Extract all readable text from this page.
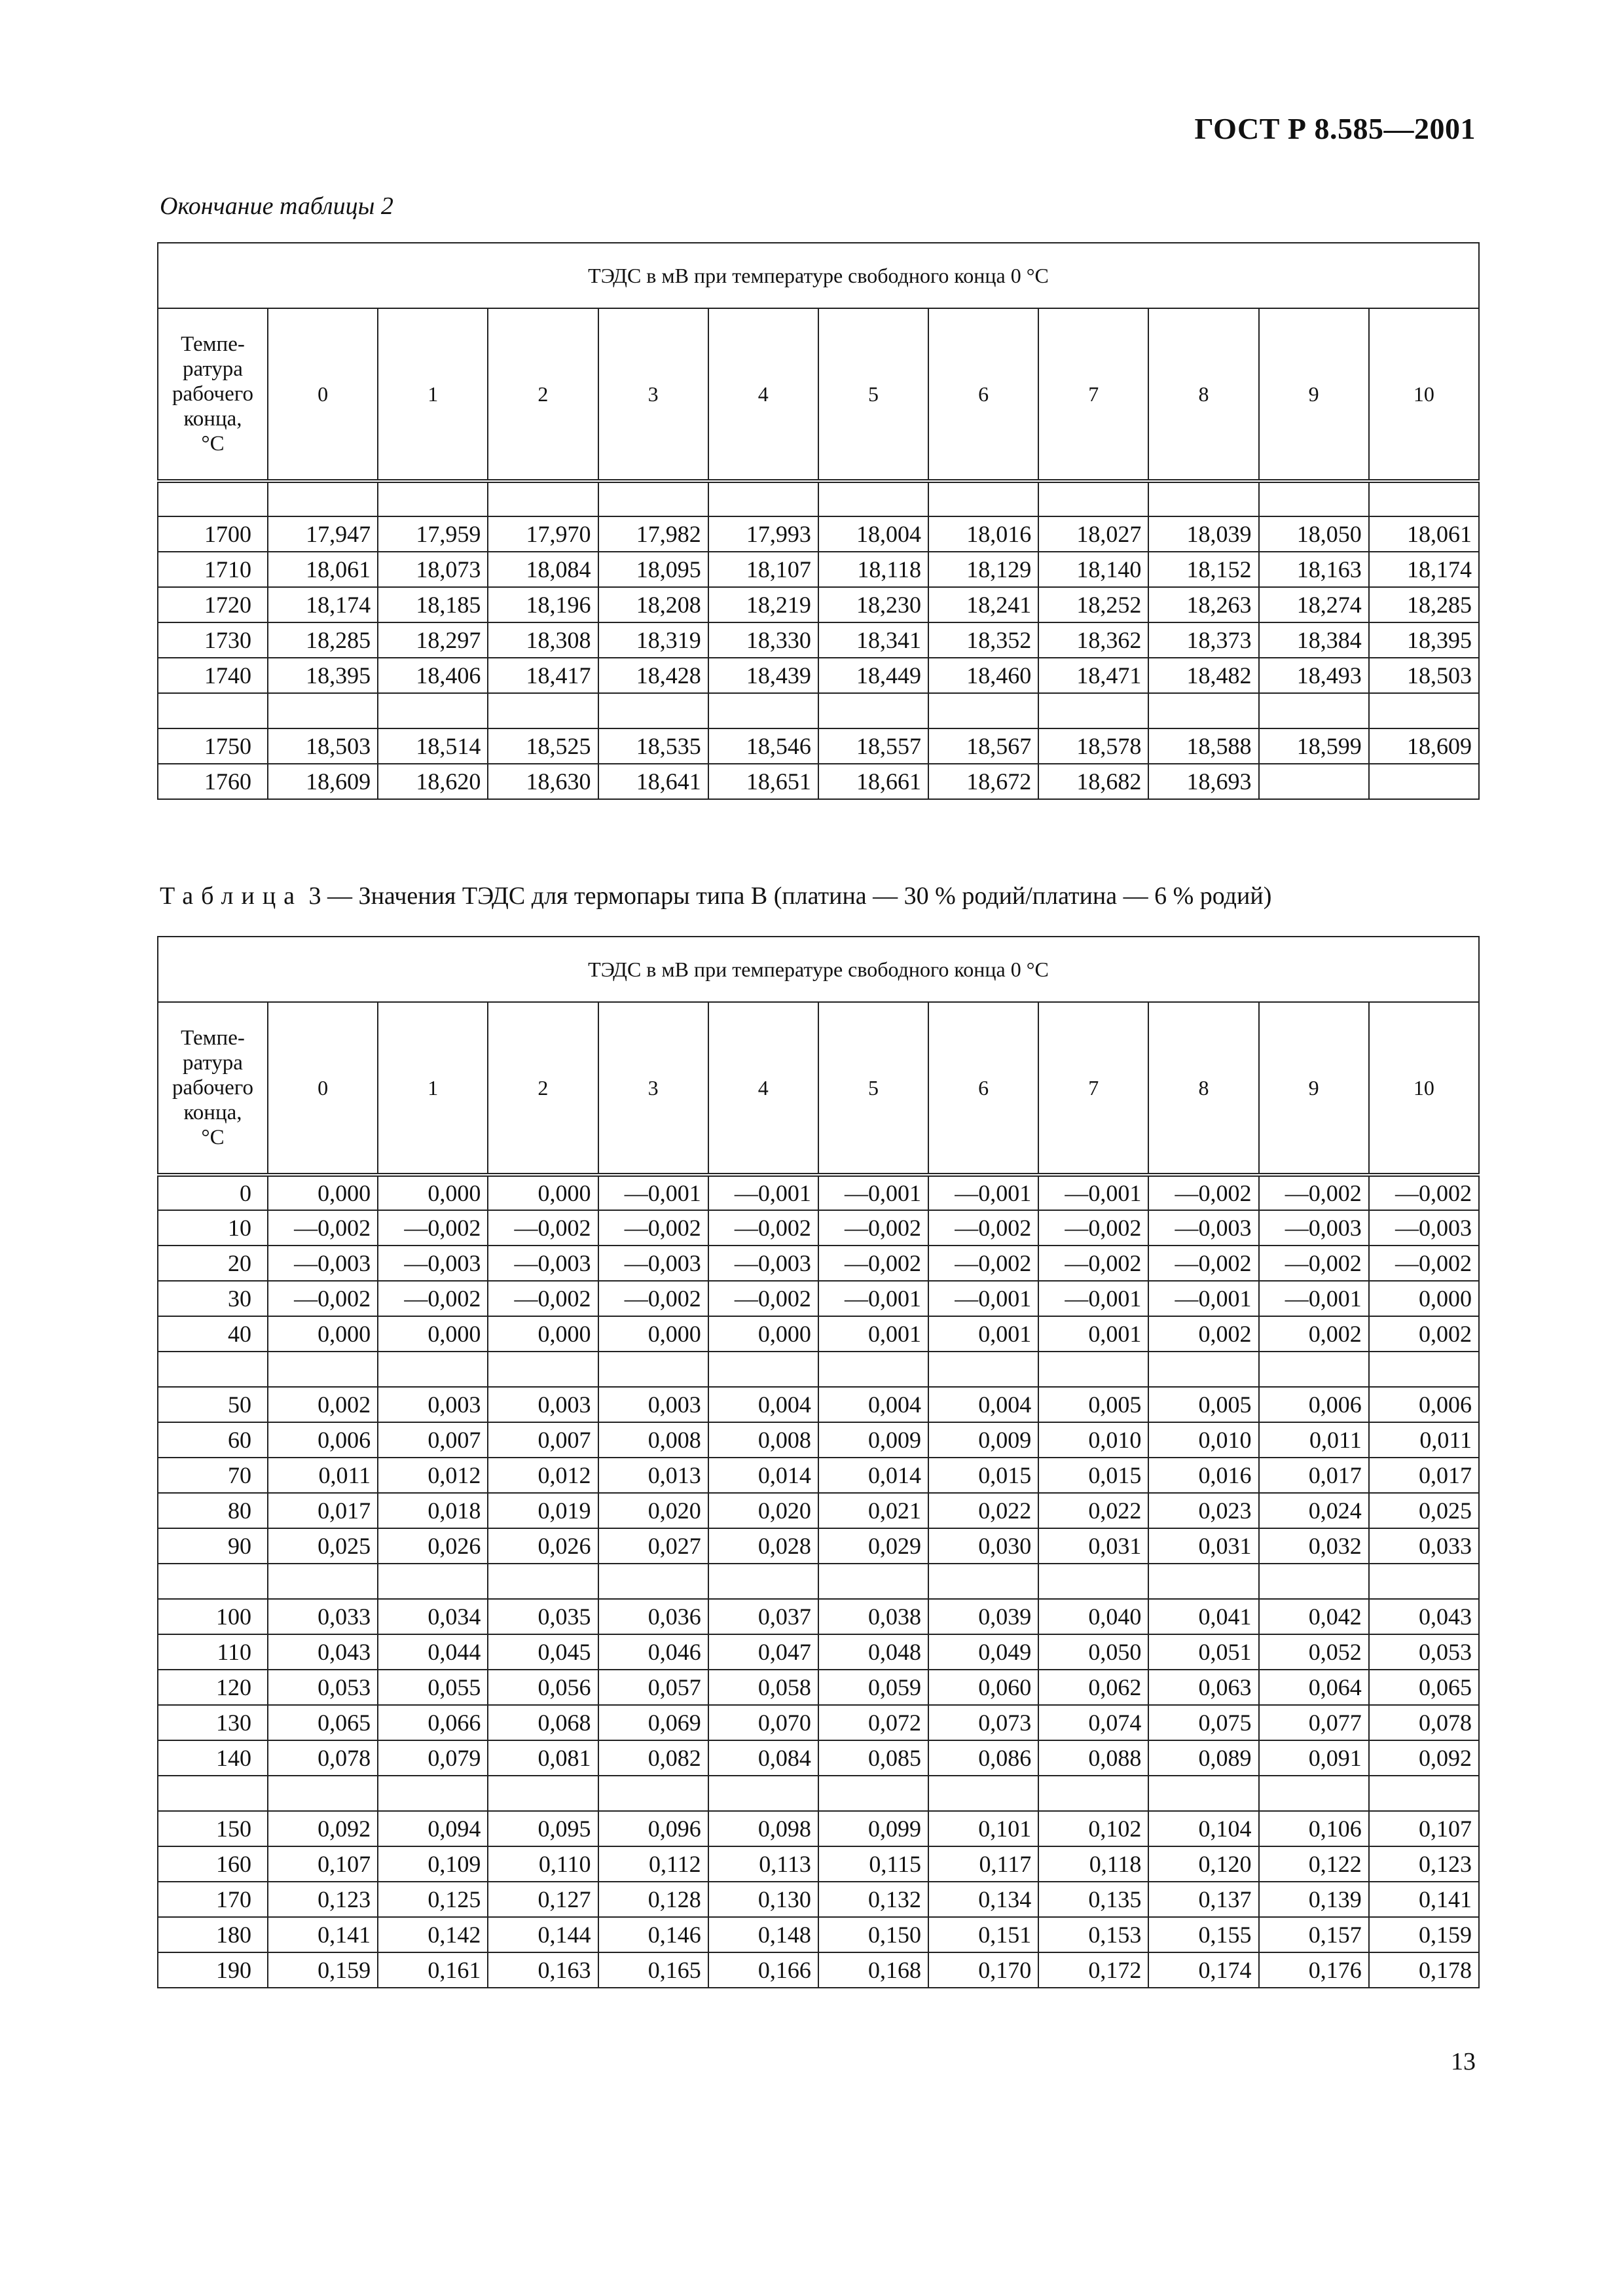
ГОСТ Р 8.585—2001
Окончание таблицы 2
ТЭДС в мВ при температуре свободного конца 0 °С											

Темпе-
ратура
рабочего
конца,
°С	0	1	2	3	4	5	6	7	8	9	10

1700	17,947	17,959	17,970	17,982	17,993	18,004	18,016	18,027	18,039	18,050	18,061
1710	18,061	18,073	18,084	18,095	18,107	18,118	18,129	18,140	18,152	18,163	18,174
1720	18,174	18,185	18,196	18,208	18,219	18,230	18,241	18,252	18,263	18,274	18,285
1730	18,285	18,297	18,308	18,319	18,330	18,341	18,352	18,362	18,373	18,384	18,395
1740	18,395	18,406	18,417	18,428	18,439	18,449	18,460	18,471	18,482	18,493	18,503

1750	18,503	18,514	18,525	18,535	18,546	18,557	18,567	18,578	18,588	18,599	18,609
1760	18,609	18,620	18,630	18,641	18,651	18,661	18,672	18,682	18,693		
Таблица 3 — Значения ТЭДС для термопары типа В (платина — 30 % родий/платина — 6 % родий)
ТЭДС в мВ при температуре свободного конца 0 °С											

Темпе-
ратура
рабочего
конца,
°С	0	1	2	3	4	5	6	7	8	9	10
0	0,000	0,000	0,000	—0,001	—0,001	—0,001	—0,001	—0,001	—0,002	—0,002	—0,002
10	—0,002	—0,002	—0,002	—0,002	—0,002	—0,002	—0,002	—0,002	—0,003	—0,003	—0,003
20	—0,003	—0,003	—0,003	—0,003	—0,003	—0,002	—0,002	—0,002	—0,002	—0,002	—0,002
30	—0,002	—0,002	—0,002	—0,002	—0,002	—0,001	—0,001	—0,001	—0,001	—0,001	0,000
40	0,000	0,000	0,000	0,000	0,000	0,001	0,001	0,001	0,002	0,002	0,002

50	0,002	0,003	0,003	0,003	0,004	0,004	0,004	0,005	0,005	0,006	0,006
60	0,006	0,007	0,007	0,008	0,008	0,009	0,009	0,010	0,010	0,011	0,011
70	0,011	0,012	0,012	0,013	0,014	0,014	0,015	0,015	0,016	0,017	0,017
80	0,017	0,018	0,019	0,020	0,020	0,021	0,022	0,022	0,023	0,024	0,025
90	0,025	0,026	0,026	0,027	0,028	0,029	0,030	0,031	0,031	0,032	0,033

100	0,033	0,034	0,035	0,036	0,037	0,038	0,039	0,040	0,041	0,042	0,043
110	0,043	0,044	0,045	0,046	0,047	0,048	0,049	0,050	0,051	0,052	0,053
120	0,053	0,055	0,056	0,057	0,058	0,059	0,060	0,062	0,063	0,064	0,065
130	0,065	0,066	0,068	0,069	0,070	0,072	0,073	0,074	0,075	0,077	0,078
140	0,078	0,079	0,081	0,082	0,084	0,085	0,086	0,088	0,089	0,091	0,092

150	0,092	0,094	0,095	0,096	0,098	0,099	0,101	0,102	0,104	0,106	0,107
160	0,107	0,109	0,110	0,112	0,113	0,115	0,117	0,118	0,120	0,122	0,123
170	0,123	0,125	0,127	0,128	0,130	0,132	0,134	0,135	0,137	0,139	0,141
180	0,141	0,142	0,144	0,146	0,148	0,150	0,151	0,153	0,155	0,157	0,159
190	0,159	0,161	0,163	0,165	0,166	0,168	0,170	0,172	0,174	0,176	0,178
13
